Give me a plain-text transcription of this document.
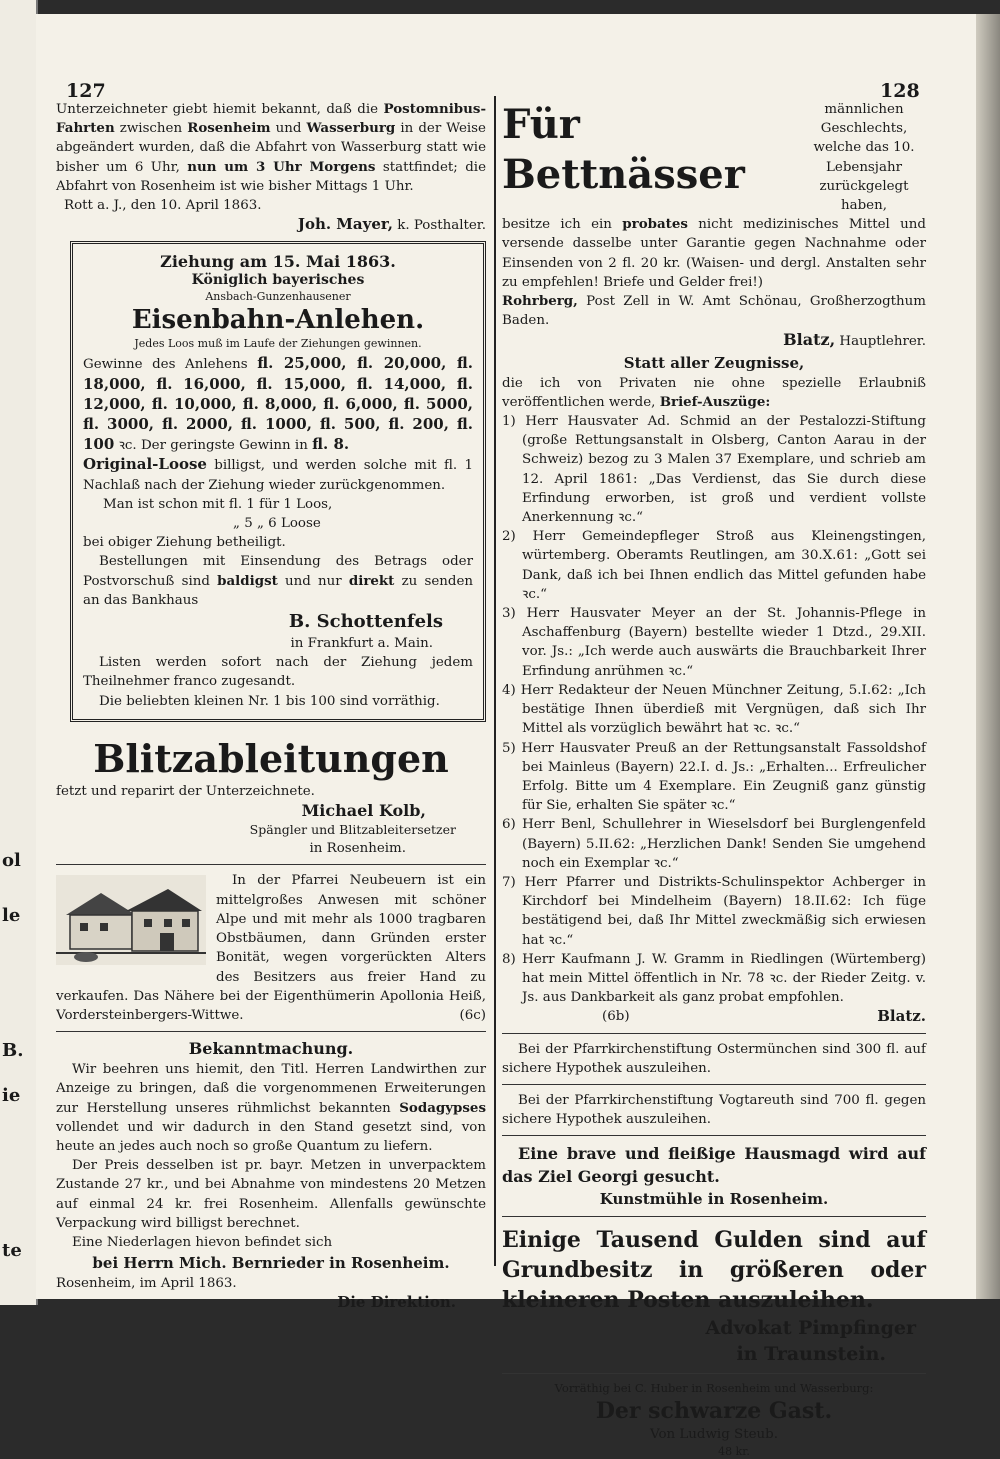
ol
le
B.
ie
te
127	128

Unterzeichneter giebt hiemit bekannt, daß die Postomnibus-Fahrten zwischen Rosenheim und Wasserburg in der Weise abgeändert wurden, daß die Abfahrt von Wasserburg statt wie bisher um 6 Uhr, nun um 3 Uhr Morgens stattfindet; die Abfahrt von Rosenheim ist wie bisher Mittags 1 Uhr.

Rott a. J., den 10. April 1863.

Joh. Mayer, k. Posthalter.

Ziehung am 15. Mai 1863.

Königlich bayerisches

Ansbach-Gunzenhausener

Eisenbahn-Anlehen.

Jedes Loos muß im Laufe der Ziehungen gewinnen.

Gewinne des Anlehens fl. 25,000, fl. 20,000, fl. 18,000, fl. 16,000, fl. 15,000, fl. 14,000, fl. 12,000, fl. 10,000, fl. 8,000, fl. 6,000, fl. 5000, fl. 3000, fl. 2000, fl. 1000, fl. 500, fl. 200, fl. 100 ꝛc. Der geringste Gewinn in fl. 8.

Original-Loose billigst, und werden solche mit fl. 1 Nachlaß nach der Ziehung wieder zurückgenommen.

Man ist schon mit fl. 1 für 1 Loos,

„ 5 „ 6 Loose

bei obiger Ziehung betheiligt.

Bestellungen mit Einsendung des Betrags oder Postvorschuß sind baldigst und nur direkt zu senden an das Bankhaus

B. Schottenfels

in Frankfurt a. Main.

Listen werden sofort nach der Ziehung jedem Theilnehmer franco zugesandt.

Die beliebten kleinen Nr. 1 bis 100 sind vorräthig.

Blitzableitungen

fetzt und reparirt der Unterzeichnete.

Michael Kolb,

Spängler und Blitzableitersetzer

in Rosenheim.

In der Pfarrei Neubeuern ist ein mittelgroßes Anwesen mit schöner Alpe und mit mehr als 1000 tragbaren Obstbäumen, dann Gründen erster Bonität, wegen vorgerückten Alters des Besitzers aus freier Hand zu verkaufen. Das Nähere bei der Eigenthümerin Apollonia Heiß, Vordersteinbergers-Wittwe.	(6c)

Bekanntmachung.

Wir beehren uns hiemit, den Titl. Herren Landwirthen zur Anzeige zu bringen, daß die vorgenommenen Erweiterungen zur Herstellung unseres rühmlichst bekannten Sodagypses vollendet und wir dadurch in den Stand gesetzt sind, von heute an jedes auch noch so große Quantum zu liefern.

Der Preis desselben ist pr. bayr. Metzen in unverpacktem Zustande 27 kr., und bei Abnahme von mindestens 20 Metzen auf einmal 24 kr. frei Rosenheim. Allenfalls gewünschte Verpackung wird billigst berechnet.

Eine Niederlagen hievon befindet sich

bei Herrn Mich. Bernrieder in Rosenheim.

Rosenheim, im April 1863.

Die Direktion.

Für Bettnässer

männlichen Geschlechts, welche das 10. Lebensjahr zurückgelegt haben,

besitze ich ein probates nicht medizinisches Mittel und versende dasselbe unter Garantie gegen Nachnahme oder Einsenden von 2 fl. 20 kr. (Waisen- und dergl. Anstalten sehr zu empfehlen! Briefe und Gelder frei!)

Rohrberg, Post Zell in W. Amt Schönau, Großherzogthum Baden.

Blatz, Hauptlehrer.

Statt aller Zeugnisse,

die ich von Privaten nie ohne spezielle Erlaubniß veröffentlichen werde, Brief-Auszüge:

1) Herr Hausvater Ad. Schmid an der Pestalozzi-Stiftung (große Rettungsanstalt in Olsberg, Canton Aarau in der Schweiz) bezog zu 3 Malen 37 Exemplare, und schrieb am 12. April 1861: „Das Verdienst, das Sie durch diese Erfindung erworben, ist groß und verdient vollste Anerkennung ꝛc.“

2) Herr Gemeindepfleger Stroß aus Kleinengstingen, würtemberg. Oberamts Reutlingen, am 30.X.61: „Gott sei Dank, daß ich bei Ihnen endlich das Mittel gefunden habe ꝛc.“

3) Herr Hausvater Meyer an der St. Johannis-Pflege in Aschaffenburg (Bayern) bestellte wieder 1 Dtzd., 29.XII. vor. Js.: „Ich werde auch auswärts die Brauchbarkeit Ihrer Erfindung anrühmen ꝛc.“

4) Herr Redakteur der Neuen Münchner Zeitung, 5.I.62: „Ich bestätige Ihnen überdieß mit Vergnügen, daß sich Ihr Mittel als vorzüglich bewährt hat ꝛc. ꝛc.“

5) Herr Hausvater Preuß an der Rettungsanstalt Fassoldshof bei Mainleus (Bayern) 22.I. d. Js.: „Erhalten... Erfreulicher Erfolg. Bitte um 4 Exemplare. Ein Zeugniß ganz günstig für Sie, erhalten Sie später ꝛc.“

6) Herr Benl, Schullehrer in Wieselsdorf bei Burglengenfeld (Bayern) 5.II.62: „Herzlichen Dank! Senden Sie umgehend noch ein Exemplar ꝛc.“

7) Herr Pfarrer und Distrikts-Schulinspektor Achberger in Kirchdorf bei Mindelheim (Bayern) 18.II.62: Ich füge bestätigend bei, daß Ihr Mittel zweckmäßig sich erwiesen hat ꝛc.“

8) Herr Kaufmann J. W. Gramm in Riedlingen (Würtemberg) hat mein Mittel öffentlich in Nr. 78 ꝛc. der Rieder Zeitg. v. Js. aus Dankbarkeit als ganz probat empfohlen.

(6b)	Blatz.

Bei der Pfarrkirchenstiftung Ostermünchen sind 300 fl. auf sichere Hypothek auszuleihen.

Bei der Pfarrkirchenstiftung Vogtareuth sind 700 fl. gegen sichere Hypothek auszuleihen.

Eine brave und fleißige Hausmagd wird auf das Ziel Georgi gesucht.

Kunstmühle in Rosenheim.

Einige Tausend Gulden sind auf Grundbesitz in größeren oder kleineren Posten auszuleihen.

Advokat Pimpfinger

in Traunstein.

Vorräthig bei C. Huber in Rosenheim und Wasserburg:

Der schwarze Gast.

Von Ludwig Steub.

48 kr.
